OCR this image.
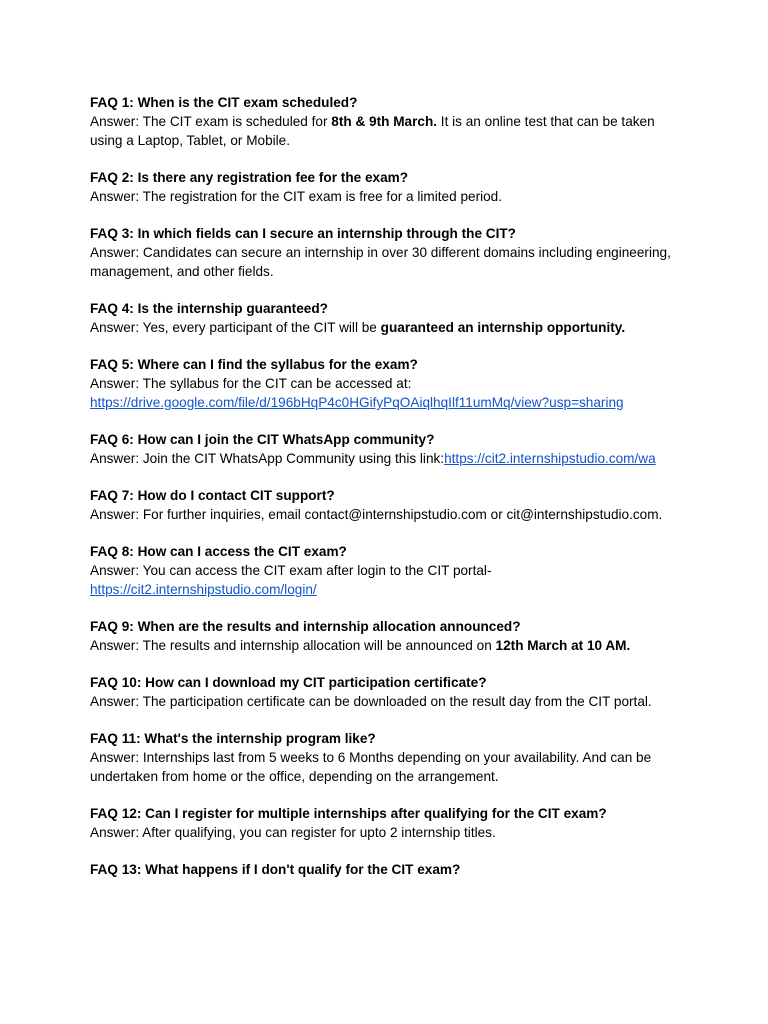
FAQ 1: When is the CIT exam scheduled?

Answer: The CIT exam is scheduled for 8th & 9th March. It is an online test that can be taken using a Laptop, Tablet, or Mobile.

FAQ 2: Is there any registration fee for the exam?

Answer: The registration for the CIT exam is free for a limited period.

FAQ 3: In which fields can I secure an internship through the CIT?

Answer: Candidates can secure an internship in over 30 different domains including engineering, management, and other fields.

FAQ 4: Is the internship guaranteed?

Answer: Yes, every participant of the CIT will be guaranteed an internship opportunity.

FAQ 5: Where can I find the syllabus for the exam?

Answer: The syllabus for the CIT can be accessed at:https://drive.google.com/file/d/196bHqP4c0HGifyPqOAiqlhqIlf11umMq/view?usp=sharing

FAQ 6: How can I join the CIT WhatsApp community?

Answer: Join the CIT WhatsApp Community using this link:https://cit2.internshipstudio.com/wa

FAQ 7: How do I contact CIT support?

Answer: For further inquiries, email contact@internshipstudio.com or cit@internshipstudio.com.

FAQ 8: How can I access the CIT exam?

Answer: You can access the CIT exam after login to the CIT portal-https://cit2.internshipstudio.com/login/

FAQ 9: When are the results and internship allocation announced?

Answer: The results and internship allocation will be announced on 12th March at 10 AM.

FAQ 10: How can I download my CIT participation certificate?

Answer: The participation certificate can be downloaded on the result day from the CIT portal.

FAQ 11: What's the internship program like?

Answer: Internships last from 5 weeks to 6 Months depending on your availability. And can be undertaken from home or the office, depending on the arrangement.

FAQ 12: Can I register for multiple internships after qualifying for the CIT exam?

Answer: After qualifying, you can register for upto 2 internship titles.

FAQ 13: What happens if I don't qualify for the CIT exam?
